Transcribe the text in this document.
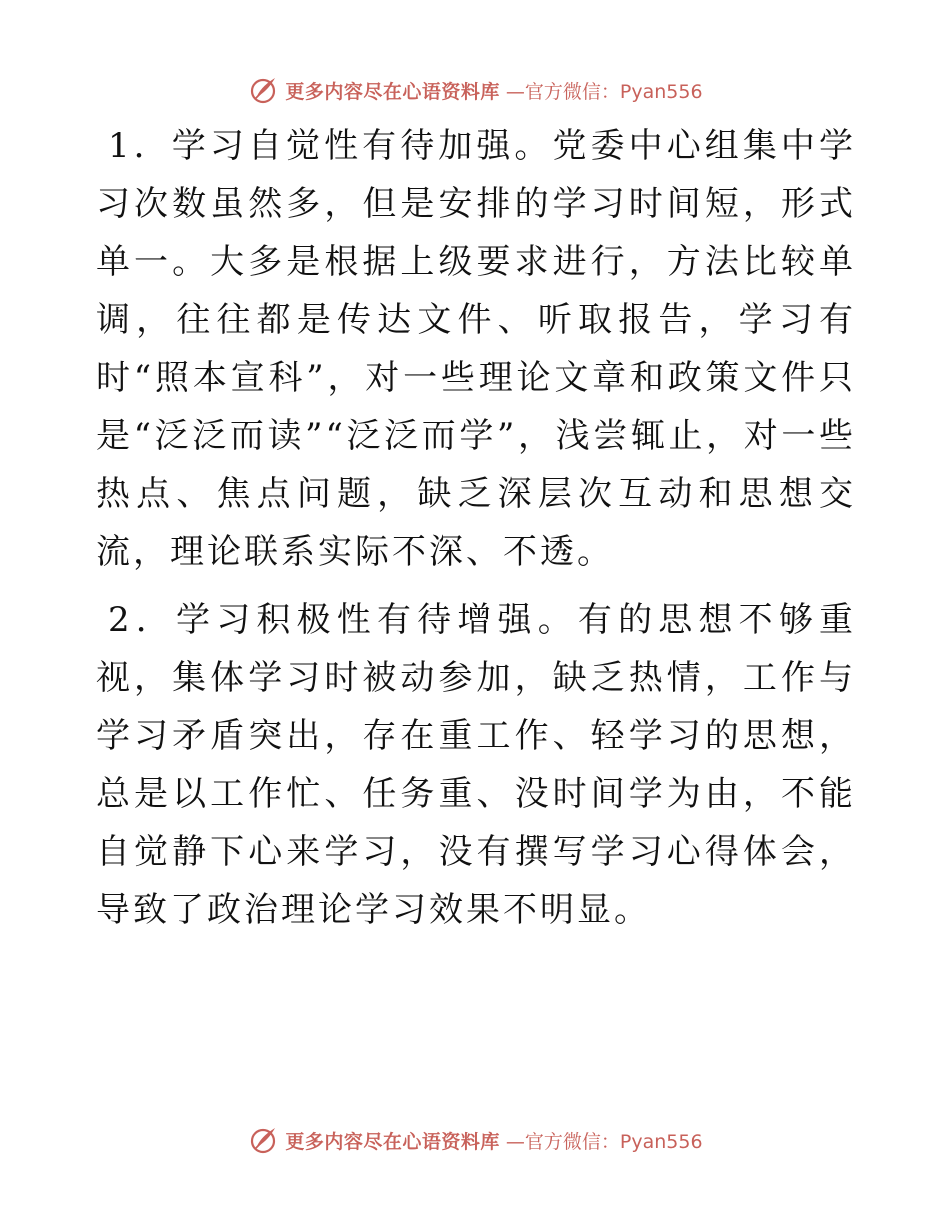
更多内容尽在心语资料库 —官方微信：Pyan556

1．学习自觉性有待加强。党委中心组集中学习次数虽然多，但是安排的学习时间短，形式单一。大多是根据上级要求进行，方法比较单调，往往都是传达文件、听取报告，学习有时“照本宣科”，对一些理论文章和政策文件只是“泛泛而读”“泛泛而学”，浅尝辄止，对一些热点、焦点问题，缺乏深层次互动和思想交流，理论联系实际不深、不透。

2．学习积极性有待增强。有的思想不够重视，集体学习时被动参加，缺乏热情，工作与学习矛盾突出，存在重工作、轻学习的思想，总是以工作忙、任务重、没时间学为由，不能自觉静下心来学习，没有撰写学习心得体会，导致了政治理论学习效果不明显。

更多内容尽在心语资料库 —官方微信：Pyan556
